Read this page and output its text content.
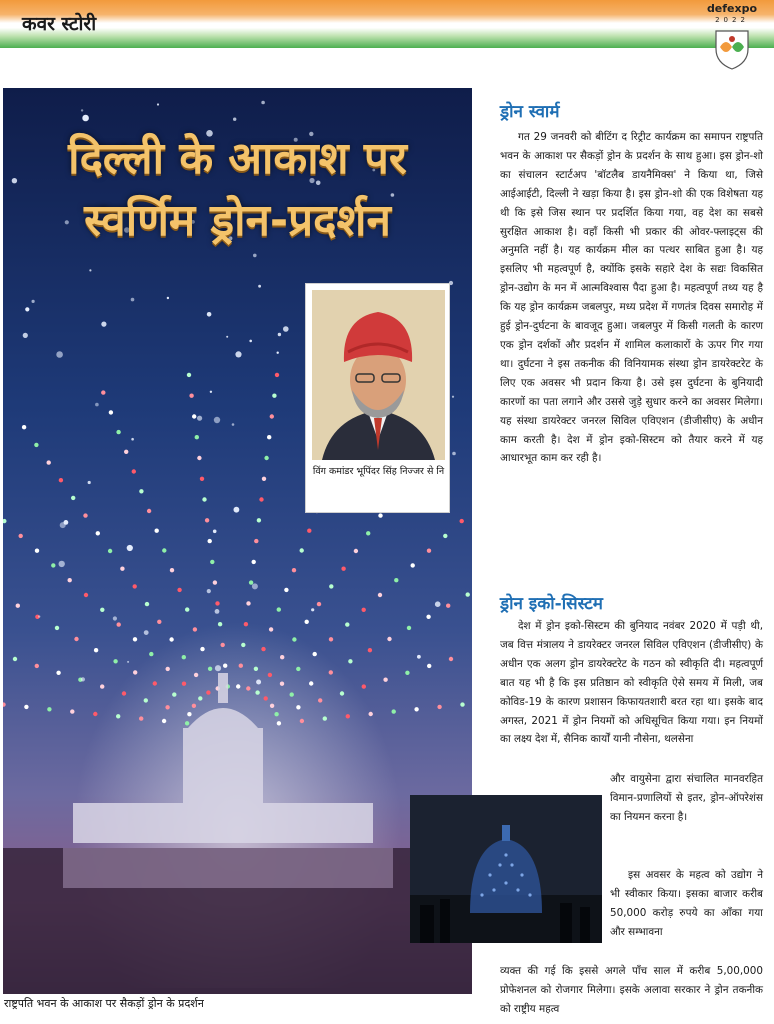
कवर स्टोरी
defexpo
2022
दिल्ली के आकाश पर
स्वर्णिम ड्रोन-प्रदर्शन
राष्ट्रपति भवन के आकाश पर सैकड़ों ड्रोन के प्रदर्शन
विंग कमांडर भूपिंदर सिंह निज्जर से नि
ड्रोन स्वार्म

गत 29 जनवरी को बीटिंग द रिट्रीट कार्यक्रम का समापन राष्ट्रपति भवन के आकाश पर सैकड़ों ड्रोन के प्रदर्शन के साथ हुआ। इस ड्रोन-शो का संचालन स्टार्टअप 'बॉटलैब डायनैमिक्स' ने किया था, जिसे आईआईटी, दिल्ली ने खड़ा किया है। इस ड्रोन-शो की एक विशेषता यह थी कि इसे जिस स्थान पर प्रदर्शित किया गया, वह देश का सबसे सुरक्षित आकाश है। वहाँ किसी भी प्रकार की ओवर-फ्लाइट्स की अनुमति नहीं है। यह कार्यक्रम मील का पत्थर साबित हुआ है। यह इसलिए भी महत्वपूर्ण है, क्योंकि इसके सहारे देश के सद्यः विकसित ड्रोन-उद्योग के मन में आत्मविश्वास पैदा हुआ है। महत्वपूर्ण तथ्य यह है कि यह ड्रोन कार्यक्रम जबलपुर, मध्य प्रदेश में गणतंत्र दिवस समारोह में हुई ड्रोन-दुर्घटना के बावजूद हुआ। जबलपुर में किसी गलती के कारण एक ड्रोन दर्शकों और प्रदर्शन में शामिल कलाकारों के ऊपर गिर गया था। दुर्घटना ने इस तकनीक की विनियामक संस्था ड्रोन डायरेक्टरेट के लिए एक अवसर भी प्रदान किया है। उसे इस दुर्घटना के बुनियादी कारणों का पता लगाने और उससे जुड़े सुधार करने का अवसर मिलेगा। यह संस्था डायरेक्टर जनरल सिविल एविएशन (डीजीसीए) के अधीन काम करती है। देश में ड्रोन इको-सिस्टम को तैयार करने में यह आधारभूत काम कर रही है।

ड्रोन इको-सिस्टम

देश में ड्रोन इको-सिस्टम की बुनियाद नवंबर 2020 में पड़ी थी, जब वित्त मंत्रालय ने डायरेक्टर जनरल सिविल एविएशन (डीजीसीए) के अधीन एक अलग ड्रोन डायरेक्टरेट के गठन को स्वीकृति दी। महत्वपूर्ण बात यह भी है कि इस प्रतिष्ठान को स्वीकृति ऐसे समय में मिली, जब कोविड-19 के कारण प्रशासन किफायतशारी बरत रहा था। इसके बाद अगस्त, 2021 में ड्रोन नियमों को अधिसूचित किया गया। इन नियमों का लक्ष्य देश में, सैनिक कार्यों यानी नौसेना, थलसेना

और वायुसेना द्वारा संचालित मानवरहित विमान-प्रणालियों से इतर, ड्रोन-ऑपरेशंस का नियमन करना है।

इस अवसर के महत्व को उद्योग ने भी स्वीकार किया। इसका बाजार करीब 50,000 करोड़ रुपये का आँका गया और सम्भावना

व्यक्त की गई कि इससे अगले पाँच साल में करीब 5,00,000 प्रोफेशनल को रोजगार मिलेगा। इसके अलावा सरकार ने ड्रोन तकनीक को राष्ट्रीय महत्व
